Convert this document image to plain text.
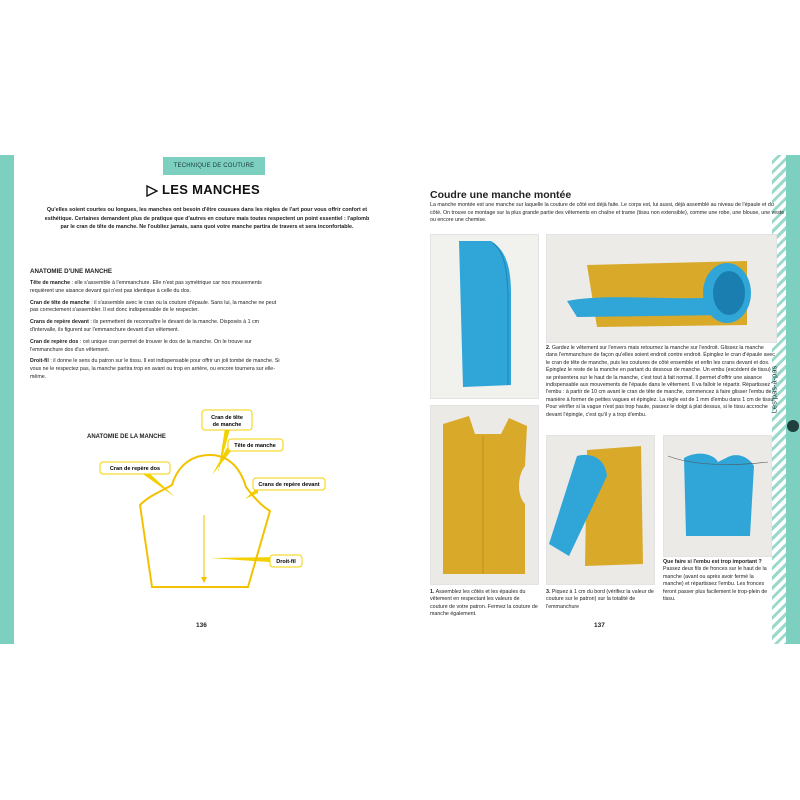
TECHNIQUE DE COUTURE
LES MANCHES
Qu'elles soient courtes ou longues, les manches ont besoin d'être cousues dans les règles de l'art pour vous offrir confort et esthétique. Certaines demandent plus de pratique que d'autres en couture mais toutes respectent un point essentiel : l'aplomb par le cran de tête de manche. Ne l'oubliez jamais, sans quoi votre manche partira de travers et sera inconfortable.
ANATOMIE D'UNE MANCHE

Tête de manche : elle s'assemble à l'emmanchure. Elle n'est pas symétrique car nos mouvements requièrent une aisance devant qui n'est pas identique à celle du dos.

Cran de tête de manche : il s'assemble avec le cran ou la couture d'épaule. Sans lui, la manche ne peut pas correctement s'assembler. Il est donc indispensable de le respecter.

Crans de repère devant : ils permettent de reconnaître le devant de la manche. Disposés à 1 cm d'intervalle, ils figurent sur l'emmanchure devant d'un vêtement.

Cran de repère dos : cet unique cran permet de trouver le dos de la manche. On le trouve sur l'emmanchure dos d'un vêtement.

Droit-fil : il donne le sens du patron sur le tissu. Il est indispensable pour offrir un joli tombé de manche. Si vous ne le respectez pas, la manche partira trop en avant ou trop en arrière, ou encore tournera sur elle-même.

ANATOMIE DE LA MANCHE
Cran de tête
de manche
Tête de manche
Cran de repère dos
Crans de repère devant
Droit-fil
136
Les pas-à-pas
Coudre une manche montée
La manche montée est une manche sur laquelle la couture de côté est déjà faite. Le corps est, lui aussi, déjà assemblé au niveau de l'épaule et du côté. On trouve ce montage sur la plus grande partie des vêtements en chaîne et trame (tissu non extensible), comme une robe, une blouse, une veste ou encore une chemise.
2. Gardez le vêtement sur l'envers mais retournez la manche sur l'endroit. Glissez la manche dans l'emmanchure de façon qu'elles soient endroit contre endroit. Épinglez le cran d'épaule avec le cran de tête de manche, puis les coutures de côté ensemble et enfin les crans devant et dos. Épinglez le reste de la manche en partant du dessous de manche. Un embu (excédent de tissu) se présentera sur le haut de la manche, c'est tout à fait normal. Il permet d'offrir une aisance indispensable aux mouvements de l'épaule dans le vêtement. Il va falloir le répartir. Répartissez l'embu : à partir de 10 cm avant le cran de tête de manche, commencez à faire glisser l'embu de manière à former de petites vagues et épinglez. La règle est de 1 mm d'embu dans 1 cm de tissu. Pour vérifier si la vague n'est pas trop haute, passez le doigt à plat dessus, si le tissu accroche devant l'épingle, c'est qu'il y a trop d'embu.
1. Assemblez les côtés et les épaules du vêtement en respectant les valeurs de couture de votre patron. Fermez la couture de manche également.
3. Piquez à 1 cm du bord (vérifiez la valeur de couture sur le patron) sur la totalité de l'emmanchure
Que faire si l'embu est trop important ?
Passez deux fils de fronces sur le haut de la manche (avant ou après avoir fermé la manche) et répartissez l'embu. Les fronces feront passer plus facilement le trop-plein de tissu.
137
